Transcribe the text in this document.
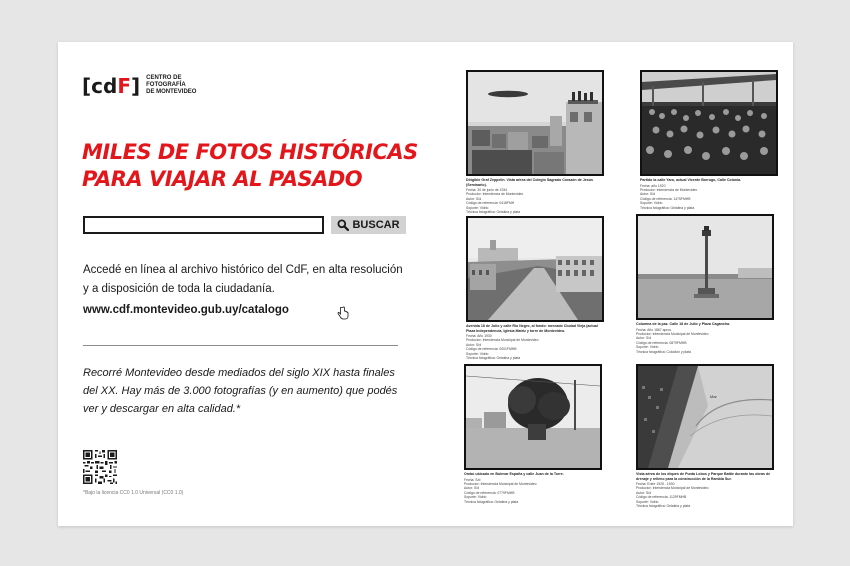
[cdF] CENTRO DE
FOTOGRAFÍA
DE MONTEVIDEO
MILES DE FOTOS HISTÓRICAS
PARA VIAJAR AL PASADO
BUSCAR

Accedé en línea al archivo histórico del CdF, en alta resolución y a disposición de toda la ciudadanía.

www.cdf.montevideo.gub.uy/catalogo

Recorré Montevideo desde mediados del siglo XIX hasta finales del XX. Hay más de 3.000 fotografías (y en aumento) que podés ver y descargar en alta calidad.*

*Bajo la licencia CC0 1.0 Universal (CC0 1.0)
Dirigible Graf Zeppelin. Vista aérea del Colegio Sagrado Corazón de Jesús (Seminario).
Fecha: 30 de junio de 1934
Productor: Intendencia de Montevideo
Autor: S/d
Código de referencia: 0418FMH
Soporte: Vidrio
Técnica fotográfica: Gelatina y plata
Partido la calle Yaro, actual Vicente Borrugo, Calle Colonia.
Fecha: año 1920
Productor: Intendencia de Montevideo
Autor: S/d
Código de referencia: 1475FMHB
Soporte: Vidrio
Técnica fotográfica: Gelatina y plata
Avenida 18 de Julio y calle Río Negro, al fondo: mercado Ciudad Vieja (actual Plaza Independencia, Iglesia Matriz y torre de Montevideo.
Fecha: Año 1930
Productor: Intendencia Municipal de Montevideo
Autor: S/d
Código de referencia: 0001FMHB
Soporte: Vidrio
Técnica fotográfica: Gelatina y plata
Columna de la paz. Calle 18 de Julio y Plaza Cagancha.
Fecha: Año 1867 aprox.
Productor: Intendencia Municipal de Montevideo
Autor: S/d
Código de referencia: 0879FMHB
Soporte: Vidrio
Técnica fotográfica: Colodión y plata
Ombú ubicado en Bulevar España y calle Juan de la Torre.
Fecha: S/d
Productor: Intendencia Municipal de Montevideo
Autor: S/d
Código de referencia: 0779FMHB
Soporte: Vidrio
Técnica fotográfica: Gelatina y plata
Mar
Vista aérea de los diques de Punta Lobos y Parque Battle durante las obras de drenaje y relleno para la construcción de la Rambla Sur.
Fecha: Entre 1925 - 1930
Productor: Intendencia Municipal de Montevideo
Autor: S/d
Código de referencia: 1129FMHB
Soporte: Vidrio
Técnica fotográfica: Gelatina y plata
